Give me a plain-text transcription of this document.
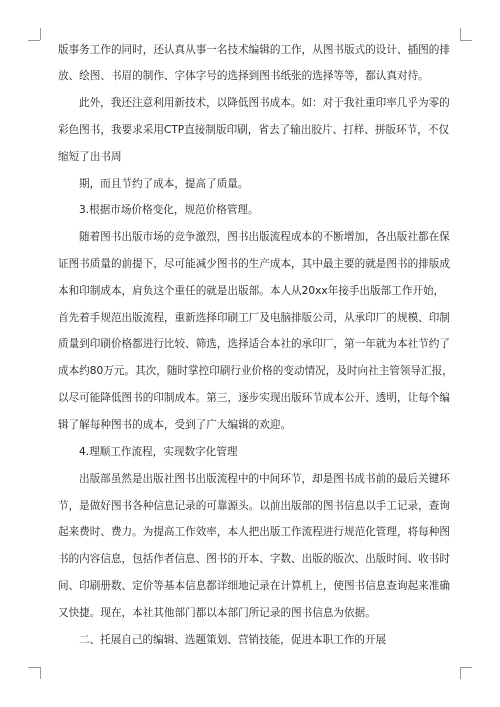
版事务工作的同时，还认真从事一名技术编辑的工作，从图书版式的设计、插图的排
放、绘图、书眉的制作、字体字号的选择到图书纸张的选择等等，都认真对待。
此外，我还注意利用新技术，以降低图书成本。如：对于我社重印率几乎为零的
彩色图书，我要求采用CTP直接制版印刷，省去了输出胶片、打样、拼版环节，不仅
缩短了出书周
期，而且节约了成本，提高了质量。
3.根据市场价格变化，规范价格管理。
随着图书出版市场的竞争激烈，图书出版流程成本的不断增加，各出版社都在保
证图书质量的前提下，尽可能减少图书的生产成本，其中最主要的就是图书的排版成
本和印制成本，肩负这个重任的就是出版部。本人从20xx年接手出版部工作开始，
首先着手规范出版流程，重新选择印刷工厂及电脑排版公司，从承印厂的规模、印制
质量到印刷价格都进行比较、筛选，选择适合本社的承印厂，第一年就为本社节约了
成本约80万元。其次，随时掌控印刷行业价格的变动情况，及时向社主管领导汇报，
以尽可能降低图书的印制成本。第三，逐步实现出版环节成本公开、透明，让每个编
辑了解每种图书的成本，受到了广大编辑的欢迎。
4.理顺工作流程，实现数字化管理
出版部虽然是出版社图书出版流程中的中间环节，却是图书成书前的最后关键环
节，是做好图书各种信息记录的可靠源头。以前出版部的图书信息以手工记录，查询
起来费时、费力。为提高工作效率，本人把出版工作流程进行规范化管理，将每种图
书的内容信息，包括作者信息、图书的开本、字数、出版的版次、出版时间、收书时
间、印刷册数、定价等基本信息都详细地记录在计算机上，使图书信息查询起来准确
又快捷。现在，本社其他部门都以本部门所记录的图书信息为依据。
二、托展自己的编辑、选题策划、营销技能，促进本职工作的开展
